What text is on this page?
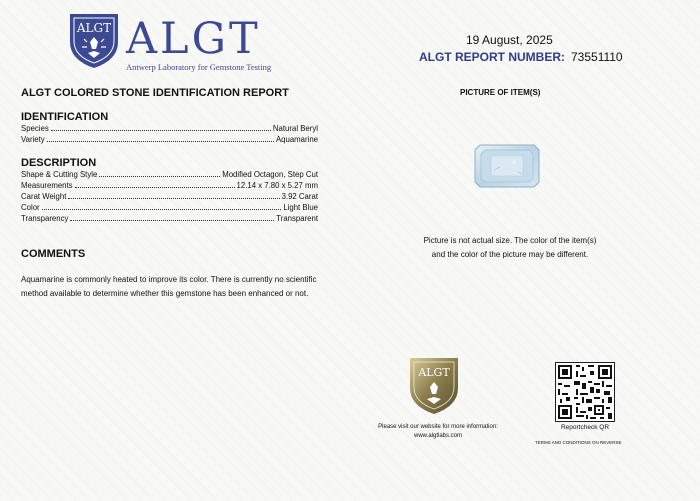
ALGT ALGT
Antwerp Laboratory for Gemstone Testing
19 August, 2025
ALGT REPORT NUMBER: 73551110
ALGT COLORED STONE IDENTIFICATION REPORT
IDENTIFICATION
Species	Natural Beryl
Variety	Aquamarine
DESCRIPTION
Shape & Cutting Style	Modified Octagon, Step Cut
Measurements	12.14 x 7.80 x 5.27 mm
Carat Weight	3.92 Carat
Color	Light Blue
Transparency	Transparent
COMMENTS
Aquamarine is commonly heated to improve its color. There is currently no scientific method available to determine whether this gemstone has been enhanced or not.
PICTURE OF ITEM(S)
Picture is not actual size. The color of the item(s)
and the color of the picture may be different.
ALGT
Please visit our website for more information:
www.algtlabs.com
Reportcheck QR
TERMS AND CONDITIONS ON REVERSE
